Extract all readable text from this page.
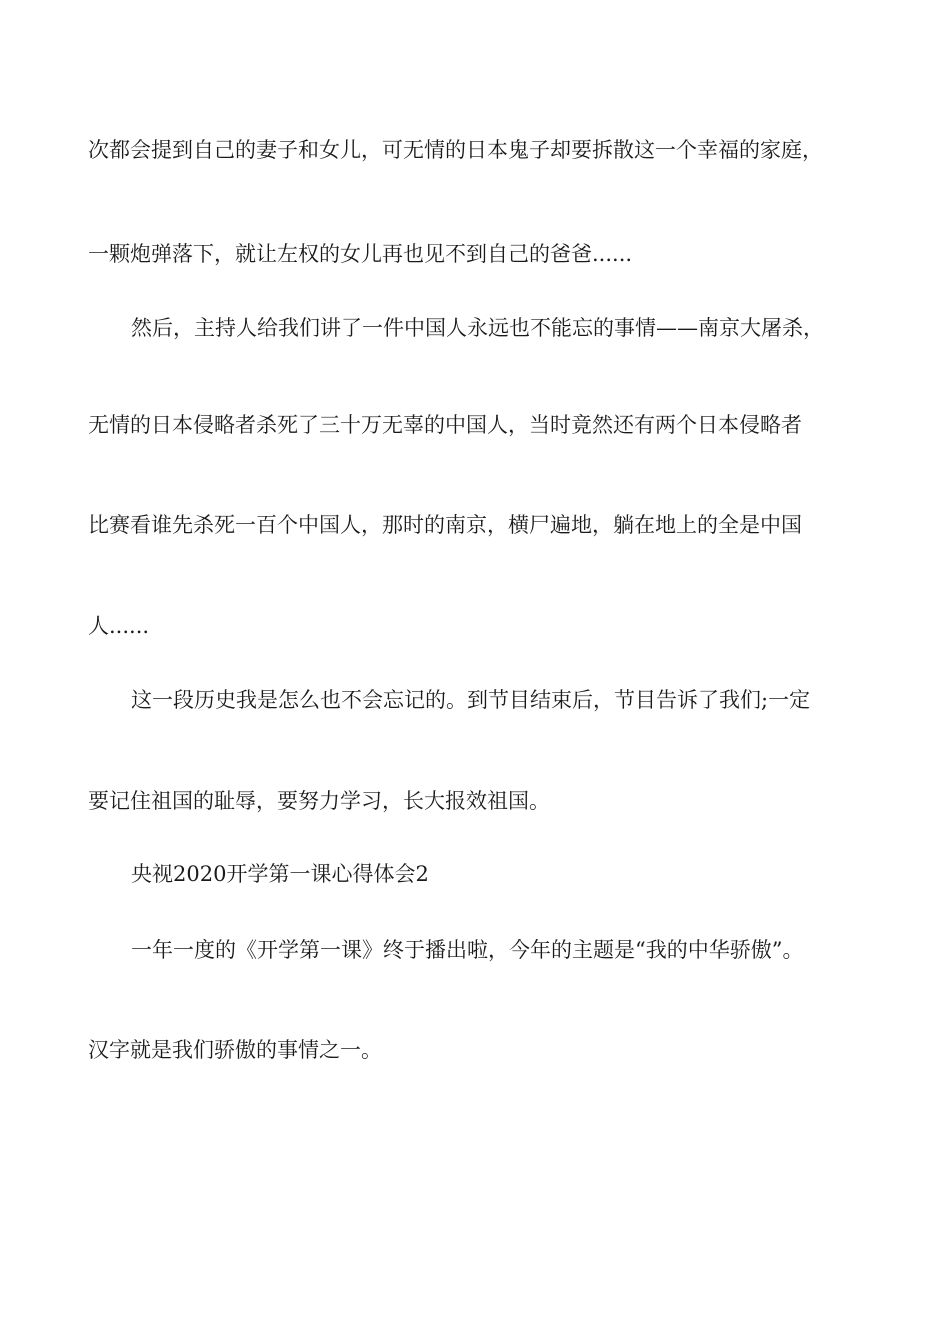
次都会提到自己的妻子和女儿，可无情的日本鬼子却要拆散这一个幸福的家庭，

一颗炮弹落下，就让左权的女儿再也见不到自己的爸爸......

然后，主持人给我们讲了一件中国人永远也不能忘的事情——南京大屠杀，

无情的日本侵略者杀死了三十万无辜的中国人，当时竟然还有两个日本侵略者

比赛看谁先杀死一百个中国人，那时的南京，横尸遍地，躺在地上的全是中国

人......

这一段历史我是怎么也不会忘记的。到节目结束后，节目告诉了我们;一定

要记住祖国的耻辱，要努力学习，长大报效祖国。

央视2020开学第一课心得体会2

一年一度的《开学第一课》终于播出啦，今年的主题是“我的中华骄傲”。

汉字就是我们骄傲的事情之一。
